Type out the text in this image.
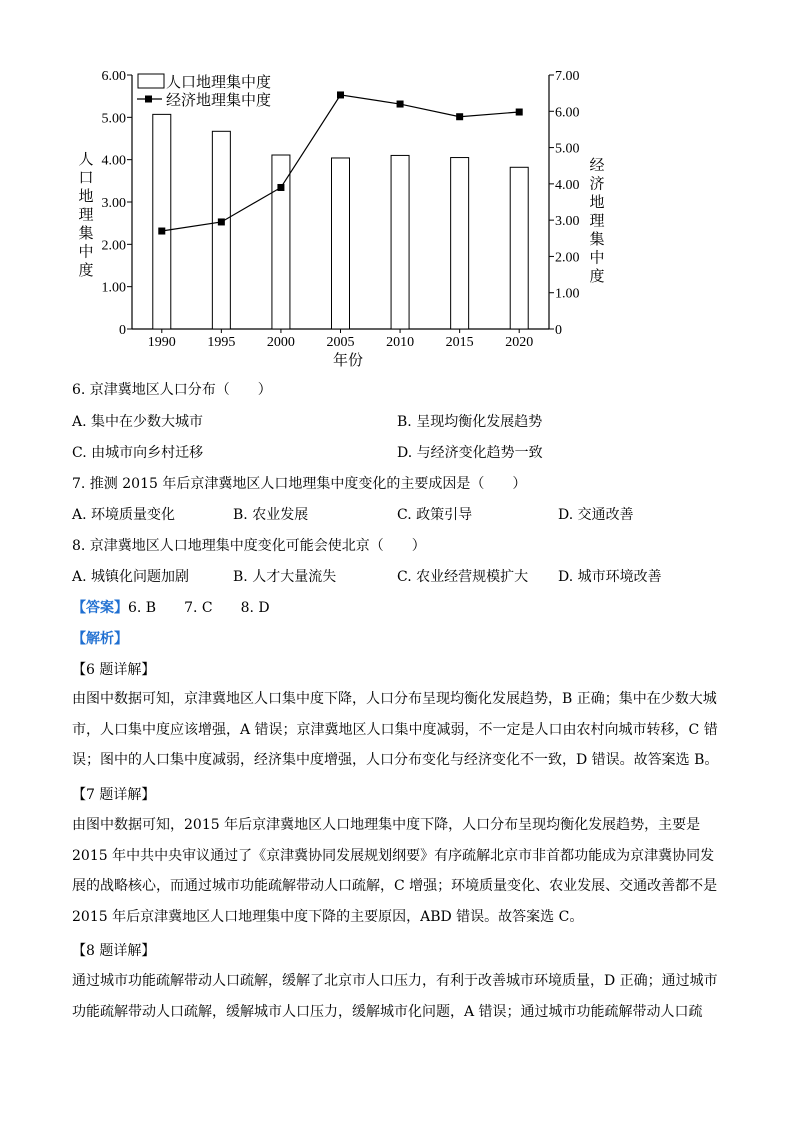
0
1.00
2.00
3.00
4.00
5.00
6.00
0
1.00
2.00
3.00
4.00
5.00
6.00
7.00
1990 1995 2000 2005 2010 2015 2020
人口地理集中度
经济地理集中度
年份
人口地理集中度
经济地理集中度
6. 京津冀地区人口分布（　　）
A. 集中在少数大城市	B. 呈现均衡化发展趋势
C. 由城市向乡村迁移	D. 与经济变化趋势一致
7. 推测 2015 年后京津冀地区人口地理集中度变化的主要成因是（　　）
A. 环境质量变化	B. 农业发展	C. 政策引导	D. 交通改善
8. 京津冀地区人口地理集中度变化可能会使北京（　　）
A. 城镇化问题加剧	B. 人才大量流失	C. 农业经营规模扩大 D. 城市环境改善
【答案】6. B　　7. C　　8. D
【解析】
【6 题详解】
由图中数据可知，京津冀地区人口集中度下降，人口分布呈现均衡化发展趋势，B 正确；集中在少数大城
市，人口集中度应该增强，A 错误；京津冀地区人口集中度减弱，不一定是人口由农村向城市转移，C 错
误；图中的人口集中度减弱，经济集中度增强，人口分布变化与经济变化不一致，D 错误。故答案选 B。
【7 题详解】
由图中数据可知，2015 年后京津冀地区人口地理集中度下降，人口分布呈现均衡化发展趋势，主要是
2015 年中共中央审议通过了《京津冀协同发展规划纲要》有序疏解北京市非首都功能成为京津冀协同发
展的战略核心，而通过城市功能疏解带动人口疏解，C 增强；环境质量变化、农业发展、交通改善都不是
2015 年后京津冀地区人口地理集中度下降的主要原因，ABD 错误。故答案选 C。
【8 题详解】
通过城市功能疏解带动人口疏解，缓解了北京市人口压力，有利于改善城市环境质量，D 正确；通过城市
功能疏解带动人口疏解，缓解城市人口压力，缓解城市化问题，A 错误；通过城市功能疏解带动人口疏
